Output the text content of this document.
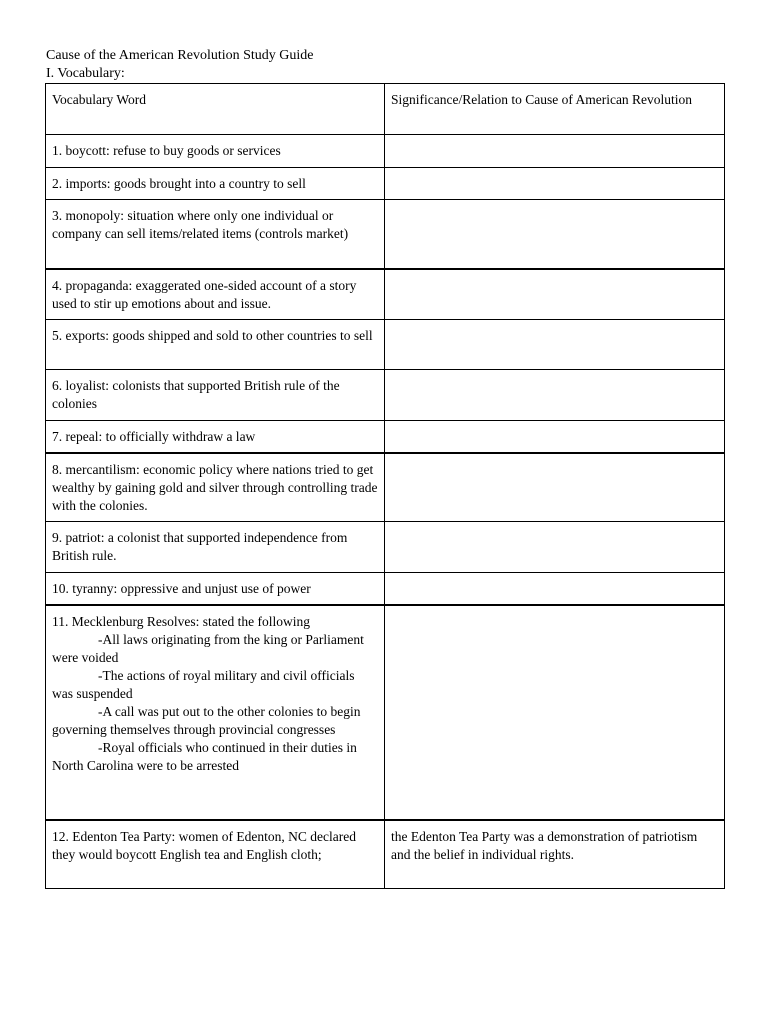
Cause of the American Revolution Study Guide
I. Vocabulary:
Vocabulary Word	Significance/Relation to Cause of American Revolution
1. boycott: refuse to buy goods or services	
2. imports: goods brought into a country to sell	
3. monopoly: situation where only one individual or company can sell items/related items (controls market)	
4. propaganda: exaggerated one-sided account of a story used to stir up emotions about and issue.	
5. exports: goods shipped and sold to other countries to sell	
6. loyalist: colonists that supported British rule of the colonies	
7. repeal: to officially withdraw a law	
8. mercantilism: economic policy where nations tried to get wealthy by gaining gold and silver through controlling trade with the colonies.	
9. patriot: a colonist that supported independence from British rule.	
10. tyranny: oppressive and unjust use of power	

11. Mecklenburg Resolves: stated the following
-All laws originating from the king or Parliament were voided
-The actions of royal military and civil officials was suspended
-A call was put out to the other colonies to begin governing themselves through provincial congresses
-Royal officials who continued in their duties in North Carolina were to be arrested	

12. Edenton Tea Party: women of Edenton, NC declared they would boycott English tea and English cloth;	the Edenton Tea Party was a demonstration of patriotism and the belief in individual rights.
